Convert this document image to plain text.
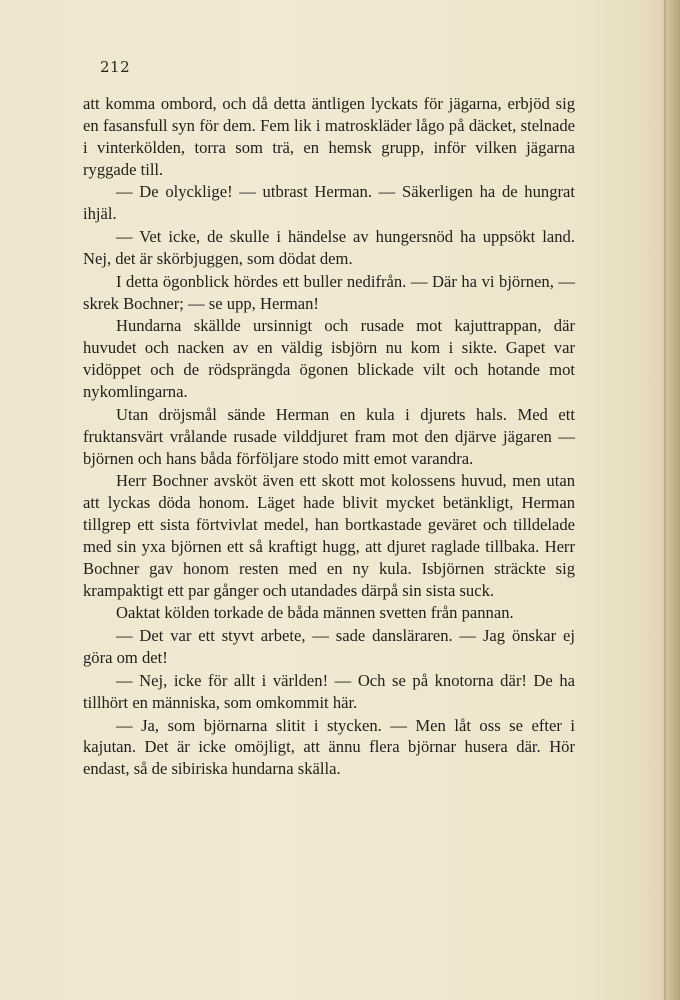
212

att komma ombord, och då detta äntligen lyckats för jägarna, erbjöd sig en fasansfull syn för dem. Fem lik i matroskläder lågo på däcket, stelnade i vinterkölden, torra som trä, en hemsk grupp, inför vilken jägarna ryggade till.

— De olycklige! — utbrast Herman. — Säkerligen ha de hungrat ihjäl.

— Vet icke, de skulle i händelse av hungersnöd ha uppsökt land. Nej, det är skörbjuggen, som dödat dem.

I detta ögonblick hördes ett buller nedifrån. — Där ha vi björnen, — skrek Bochner; — se upp, Herman!

Hundarna skällde ursinnigt och rusade mot kajuttrappan, där huvudet och nacken av en väldig isbjörn nu kom i sikte. Gapet var vidöppet och de rödsprängda ögonen blickade vilt och hotande mot nykomlingarna.

Utan dröjsmål sände Herman en kula i djurets hals. Med ett fruktansvärt vrålande rusade vilddjuret fram mot den djärve jägaren — björnen och hans båda förföljare stodo mitt emot varandra.

Herr Bochner avsköt även ett skott mot kolossens huvud, men utan att lyckas döda honom. Läget hade blivit mycket betänkligt, Herman tillgrep ett sista förtvivlat medel, han bortkastade geväret och tilldelade med sin yxa björnen ett så kraftigt hugg, att djuret raglade tillbaka. Herr Bochner gav honom resten med en ny kula. Isbjörnen sträckte sig krampaktigt ett par gånger och utandades därpå sin sista suck.

Oaktat kölden torkade de båda männen svetten från pannan.

— Det var ett styvt arbete, — sade dansläraren. — Jag önskar ej göra om det!

— Nej, icke för allt i världen! — Och se på knotorna där! De ha tillhört en människa, som omkommit här.

— Ja, som björnarna slitit i stycken. — Men låt oss se efter i kajutan. Det är icke omöjligt, att ännu flera björnar husera där. Hör endast, så de sibiriska hundarna skälla.
